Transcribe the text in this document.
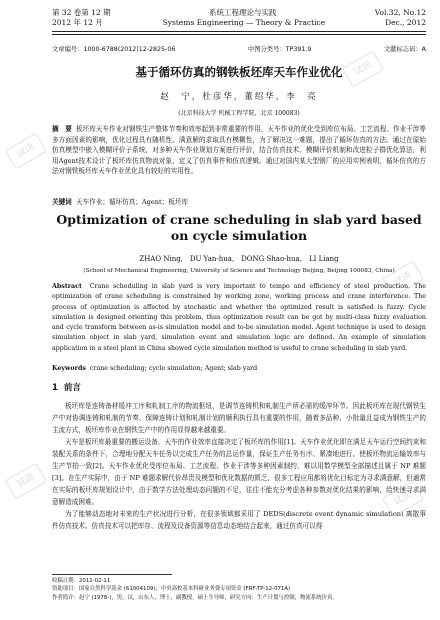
第 32 卷第 12 期	系统工程理论与实践	Vol.32, No.12
2012 年 12 月	Systems Engineering — Theory & Practice	Dec., 2012
文章编号：1000-6788(2012)12-2825-06	中图分类号：TP391.9	文献标志码：A
基于循环仿真的钢铁板坯库天车作业优化
赵　宁，杜彦华，董绍华，李　亮
(北京科技大学 机械工程学院，北京 100083)
摘　要 板坯库天车作业对钢铁生产整体节奏和效率起到非常重要的作用，天车作业的优化受到库位布局、工艺流程、作业干涉等多方面因素的影响，优化过程具有随机性、满意解的求取具有模糊性，为了解决这一难题，提出了循环仿真的方法。通过在原始仿真模型中嵌入模糊评价子系统，对多种天车作业规划方案进行评价，结合仿真技术、模糊评价机制和改进粒子群优化算法，利用Agent技术设计了板坯库仿真物流对象，定义了仿真事件和仿真逻辑。通过对国内某大型钢厂的应用实例表明，循环仿真的方法对钢铁板坯库天车作业优化具有较好的实用性。
关键词 天车作业；循环仿真；Agent；板坯库
Optimization of crane scheduling in slab yard based on cycle simulation
ZHAO Ning,　DU Yan-hua,　DONG Shao-hua,　LI Liang
(School of Mechanical Engineering, University of Science and Technology Beijing, Beijing 100083, China)
Abstract Crane scheduling in slab yard is very important to tempo and efficiency of steel production. The optimization of crane scheduling is constrained by working zone, working process and crane interference. The process of optimization is affected by stochastic and whether the optimized result is satisfied is fuzzy. Cycle simulation is designed orienting this problem, thus optimization result can be got by multi-class fuzzy evaluation and cycle transform between as-is simulation model and to-be simulation model. Agent technique is used to design simulation object in slab yard, simulation event and simulation logic are defined. An example of simulation application in a steel plant in China showed cycle simulation method is useful to crane scheduling in slab yard.
Keywords crane scheduling; cycle simulation; Agent; slab yard
1 前言

板坯库是连铸备材缓冲工序和轧制工序的物流枢纽，是调节连铸机和轧制生产所必需的缓冲环节。因此板坯库在现代钢铁生产中对协调连铸和轧制的节奏、保障连铸计划和轧制计划的顺利执行具有重要的作用，随着多品种、小批量且益成为钢铁生产的主流方式，板坯库作业在钢铁生产中的作用显得越来越重要。

天车是板坯库最重要的搬运设备，天车的作业效率直接决定了板坯库的作用[1]。天车作业优化即在满足天车运行空间约束和装配关系的条件下，合理地分配天车任务以完成生产任务的总运作量，保证生产任务有序、紧凑地进行。使板坯物流运输效率与生产节拍一致[2]。天车作业优化受库位布局、工艺流程、作业干涉等多种因素制约，难以用数学模型全部描述且属于 NP 难题[3]。在生产实际中，由于 NP 难题求解代价昂贵及模型和优化数据的匮乏，很多工程应用都将优化目标定为寻求满意解，但通常在实际的板坯库规划设计中，由于数学方法处理动态问题的不足，往往不能充分考虑各种参数对优化结果的影响，给快速寻求满意解造成困难。

为了能够动态地对未来的生产状况进行分析，在很多领域都采用了 DEDS(discrete event dynamic simulation) 离散事件仿真技术。仿真技术可以把库存、流程及设备资源等信息动态地结合起来，通过仿真可以得

收稿日期：2011-02-11
资助项目：国家自然科学基金 (61004109)；中央高校基本科研业务费专项资金 (FRF-TP-12-071A)
作者简介：赵宁 (1978-)，男，汉，山东人，博士，副教授，硕士生导师，研究方向：生产计划与控制，物流系统仿真。
试读
试读
试读
试读
试读
